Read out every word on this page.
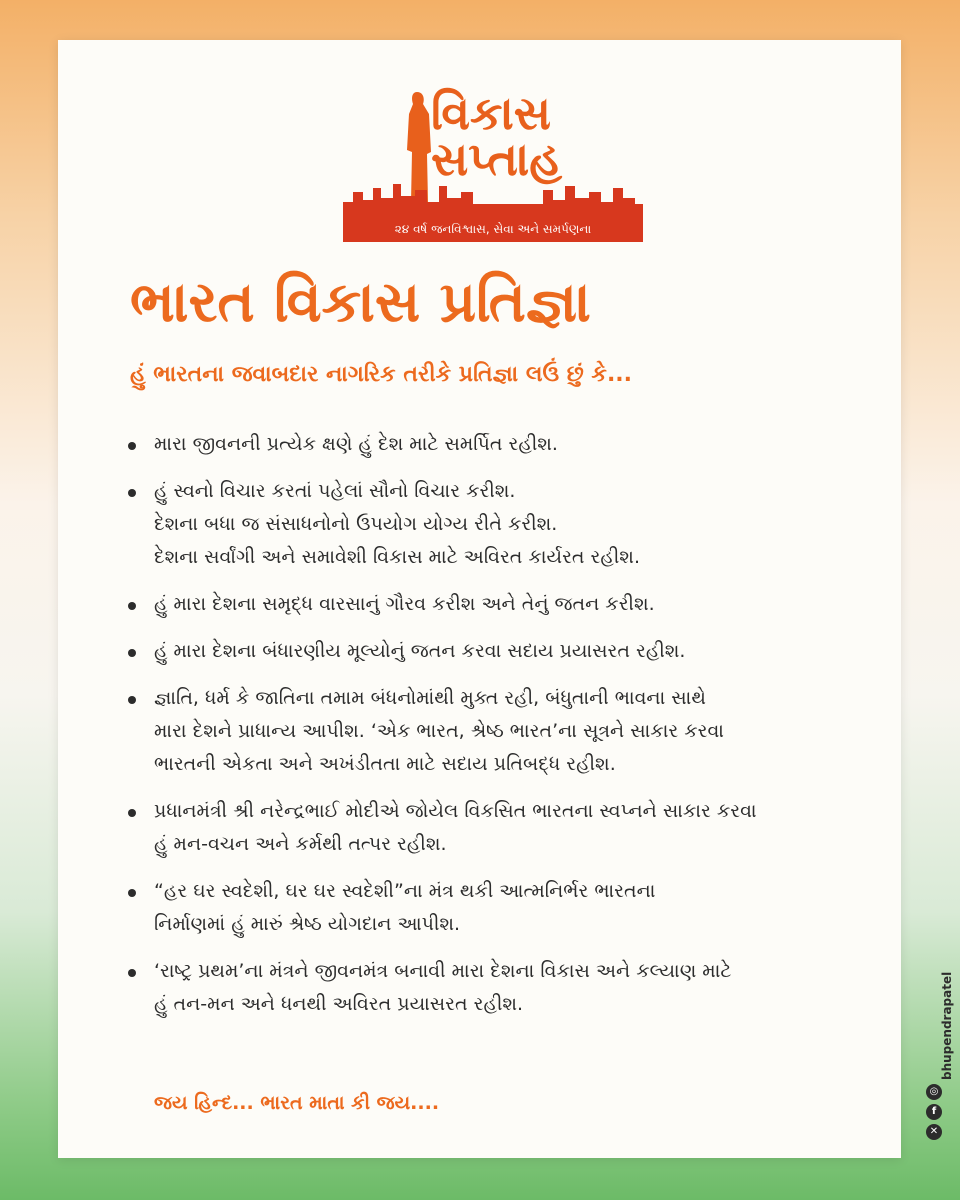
વિકાસ
સપ્તાહ
૨૪ વર્ષ જનવિશ્વાસ, સેવા અને સમર્પણના
ભારત વિકાસ પ્રતિજ્ઞા
હું ભારતના જવાબદાર નાગરિક તરીકે પ્રતિજ્ઞા લઉં છું કે...
મારા જીવનની પ્રત્યેક ક્ષણે હું દેશ માટે સમર્પિત રહીશ.
હું સ્વનો વિચાર કરતાં પહેલાં સૌનો વિચાર કરીશ.
દેશના બધા જ સંસાધનોનો ઉપયોગ યોગ્ય રીતે કરીશ.
દેશના સર્વાંગી અને સમાવેશી વિકાસ માટે અવિરત કાર્યરત રહીશ.
હું મારા દેશના સમૃદ્ધ વારસાનું ગૌરવ કરીશ અને તેનું જતન કરીશ.
હું મારા દેશના બંધારણીય મૂલ્યોનું જતન કરવા સદાય પ્રયાસરત રહીશ.
જ્ઞાતિ, ધર્મ કે જાતિના તમામ બંધનોમાંથી મુક્ત રહી, બંધુતાની ભાવના સાથે
મારા દેશને પ્રાધાન્ય આપીશ. ‘એક ભારત, શ્રેષ્ઠ ભારત’ના સૂત્રને સાકાર કરવા
ભારતની એકતા અને અખંડીતતા માટે સદાય પ્રતિબદ્ધ રહીશ.
પ્રધાનમંત્રી શ્રી નરેન્દ્રભાઈ મોદીએ જોયેલ વિકસિત ભારતના સ્વપ્નને સાકાર કરવા
હું મન-વચન અને કર્મથી તત્પર રહીશ.
“હર ઘર સ્વદેશી, ઘર ઘર સ્વદેશી”ના મંત્ર થકી આત્મનિર્ભર ભારતના
નિર્માણમાં હું મારું શ્રેષ્ઠ યોગદાન આપીશ.
‘રાષ્ટ્ર પ્રથમ’ના મંત્રને જીવનમંત્ર બનાવી મારા દેશના વિકાસ અને કલ્યાણ માટે
હું તન-મન અને ધનથી અવિરત પ્રયાસરત રહીશ.
જય હિન્દ... ભારત માતા કી જય....
bhupendrapatel
◎
f
✕
